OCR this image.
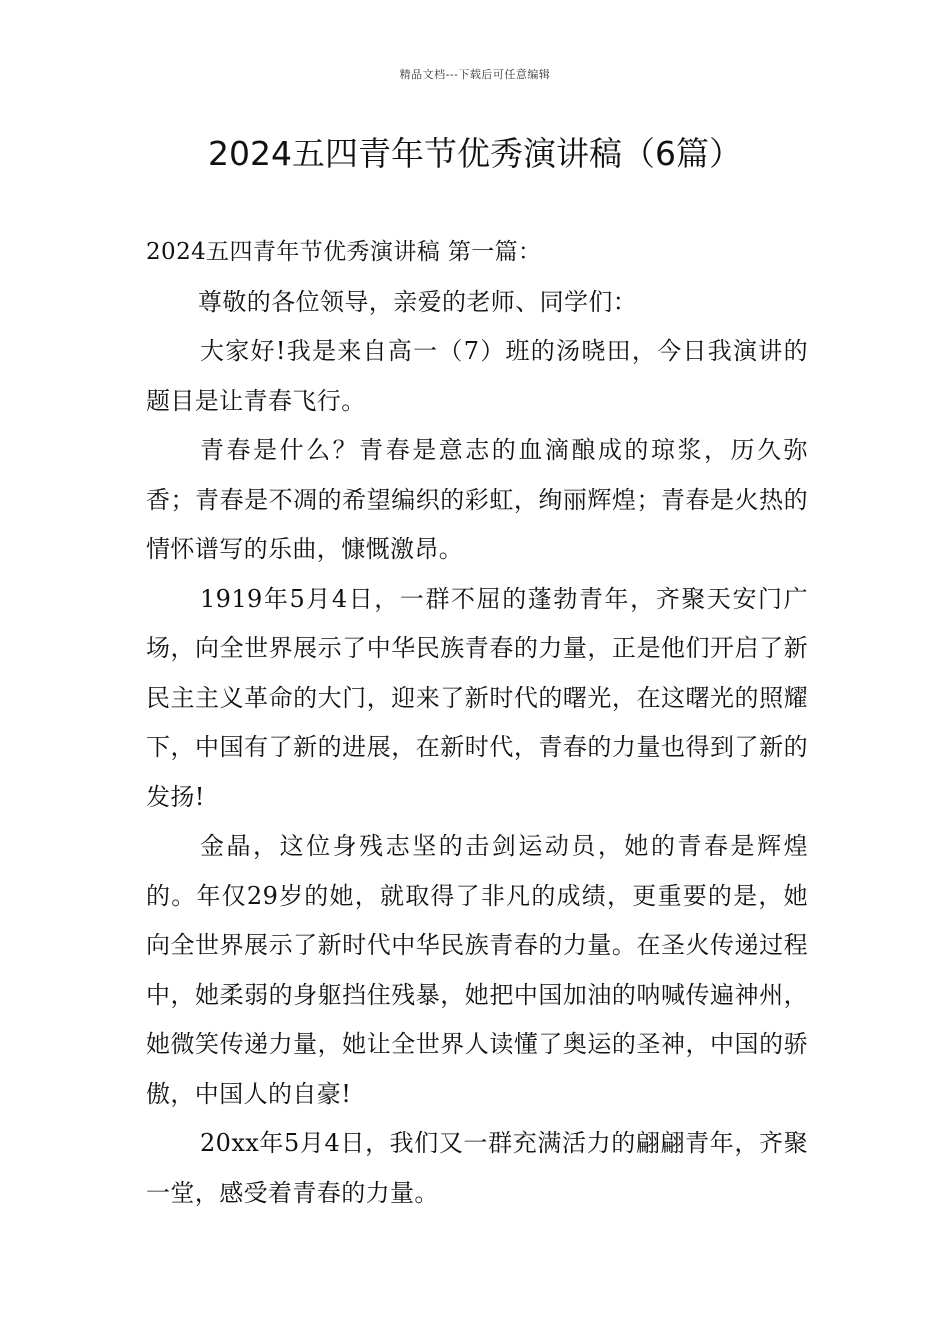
精品文档---下载后可任意编辑
2024五四青年节优秀演讲稿（6篇）

2024五四青年节优秀演讲稿 第一篇：

尊敬的各位领导，亲爱的老师、同学们：

大家好!我是来自高一（7）班的汤晓田，今日我演讲的题目是让青春飞行。

青春是什么？青春是意志的血滴酿成的琼浆，历久弥香；青春是不凋的希望编织的彩虹，绚丽辉煌；青春是火热的情怀谱写的乐曲，慷慨激昂。

1919年5月4日，一群不屈的蓬勃青年，齐聚天安门广场，向全世界展示了中华民族青春的力量，正是他们开启了新民主主义革命的大门，迎来了新时代的曙光，在这曙光的照耀下，中国有了新的进展，在新时代，青春的力量也得到了新的发扬!

金晶，这位身残志坚的击剑运动员，她的青春是辉煌的。年仅29岁的她，就取得了非凡的成绩，更重要的是，她向全世界展示了新时代中华民族青春的力量。在圣火传递过程中，她柔弱的身躯挡住残暴，她把中国加油的呐喊传遍神州，她微笑传递力量，她让全世界人读懂了奥运的圣神，中国的骄傲，中国人的自豪!

20xx年5月4日，我们又一群充满活力的翩翩青年，齐聚一堂，感受着青春的力量。
